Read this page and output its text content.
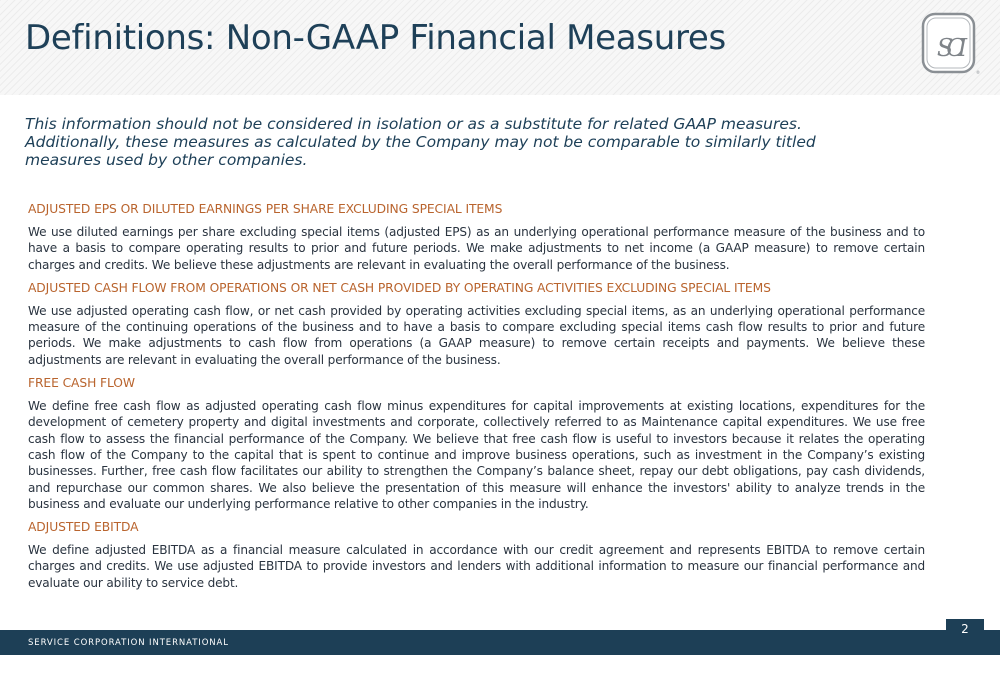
Definitions: Non-GAAP Financial Measures	SCI
®

This information should not be considered in isolation or as a substitute for related GAAP measures. Additionally, these measures as calculated by the Company may not be comparable to similarly titled measures used by other companies.

ADJUSTED EPS OR DILUTED EARNINGS PER SHARE EXCLUDING SPECIAL ITEMS

We use diluted earnings per share excluding special items (adjusted EPS) as an underlying operational performance measure of the business and to have a basis to compare operating results to prior and future periods. We make adjustments to net income (a GAAP measure) to remove certain charges and credits. We believe these adjustments are relevant in evaluating the overall performance of the business.

ADJUSTED CASH FLOW FROM OPERATIONS OR NET CASH PROVIDED BY OPERATING ACTIVITIES EXCLUDING SPECIAL ITEMS

We use adjusted operating cash flow, or net cash provided by operating activities excluding special items, as an underlying operational performance measure of the continuing operations of the business and to have a basis to compare excluding special items cash flow results to prior and future periods. We make adjustments to cash flow from operations (a GAAP measure) to remove certain receipts and payments. We believe these adjustments are relevant in evaluating the overall performance of the business.

FREE CASH FLOW

We define free cash flow as adjusted operating cash flow minus expenditures for capital improvements at existing locations, expenditures for the development of cemetery property and digital investments and corporate, collectively referred to as Maintenance capital expenditures. We use free cash flow to assess the financial performance of the Company. We believe that free cash flow is useful to investors because it relates the operating cash flow of the Company to the capital that is spent to continue and improve business operations, such as investment in the Company’s existing businesses. Further, free cash flow facilitates our ability to strengthen the Company’s balance sheet, repay our debt obligations, pay cash dividends, and repurchase our common shares. We also believe the presentation of this measure will enhance the investors' ability to analyze trends in the business and evaluate our underlying performance relative to other companies in the industry.

ADJUSTED EBITDA

We define adjusted EBITDA as a financial measure calculated in accordance with our credit agreement and represents EBITDA to remove certain charges and credits. We use adjusted EBITDA to provide investors and lenders with additional information to measure our financial performance and evaluate our ability to service debt.

SERVICE CORPORATION INTERNATIONAL
2
